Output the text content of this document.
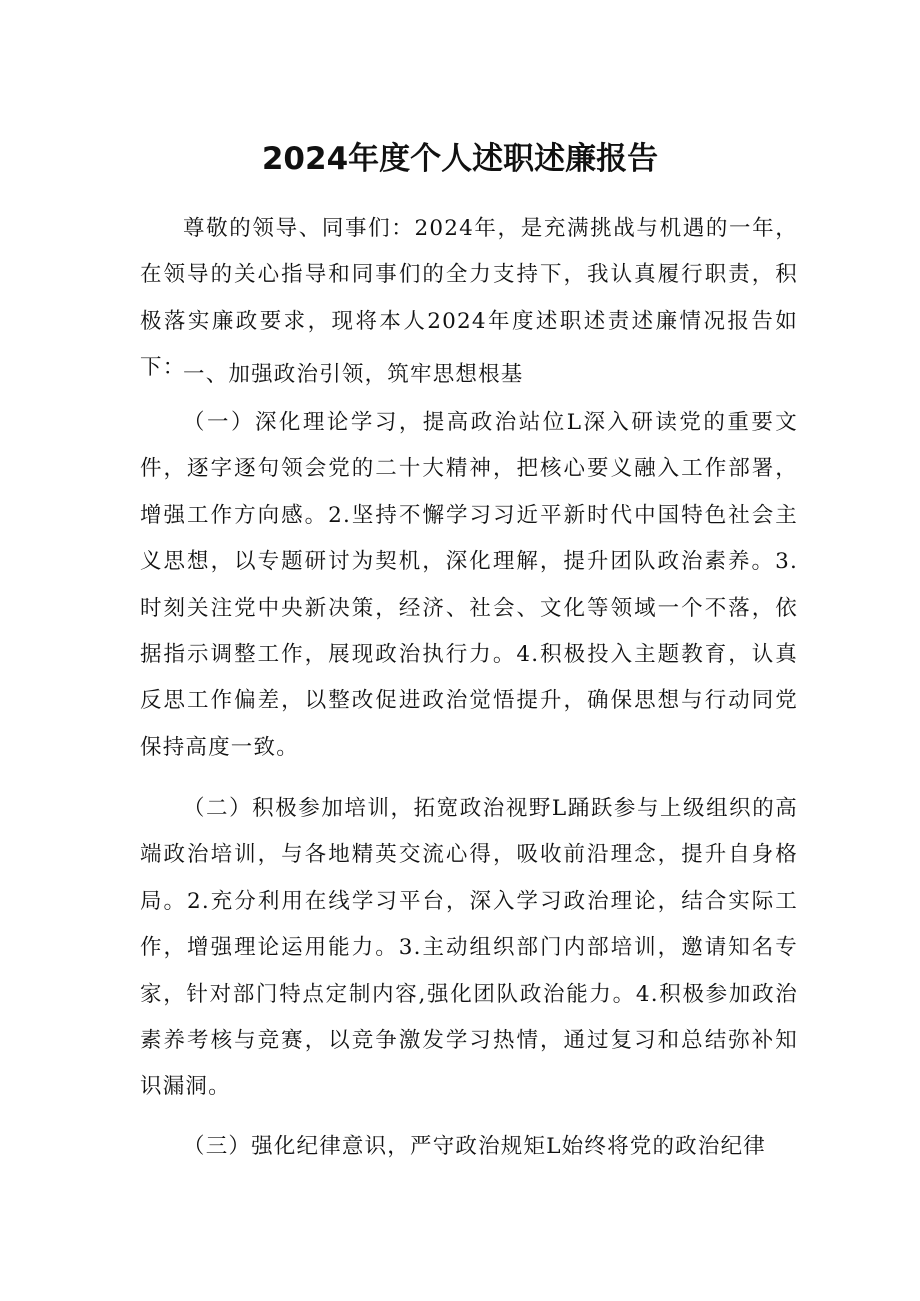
2024年度个人述职述廉报告

尊敬的领导、同事们：2024年，是充满挑战与机遇的一年，在领导的关心指导和同事们的全力支持下，我认真履行职责，积极落实廉政要求，现将本人2024年度述职述责述廉情况报告如下：

一、加强政治引领，筑牢思想根基

（一）深化理论学习，提高政治站位L深入研读党的重要文件，逐字逐句领会党的二十大精神，把核心要义融入工作部署，增强工作方向感。2.坚持不懈学习习近平新时代中国特色社会主义思想，以专题研讨为契机，深化理解，提升团队政治素养。3.时刻关注党中央新决策，经济、社会、文化等领域一个不落，依据指示调整工作，展现政治执行力。4.积极投入主题教育，认真反思工作偏差，以整改促进政治觉悟提升，确保思想与行动同党保持高度一致。

（二）积极参加培训，拓宽政治视野L踊跃参与上级组织的高端政治培训，与各地精英交流心得，吸收前沿理念，提升自身格局。2.充分利用在线学习平台，深入学习政治理论，结合实际工作，增强理论运用能力。3.主动组织部门内部培训，邀请知名专家，针对部门特点定制内容,强化团队政治能力。4.积极参加政治素养考核与竞赛，以竞争激发学习热情，通过复习和总结弥补知识漏洞。

（三）强化纪律意识，严守政治规矩L始终将党的政治纪律
